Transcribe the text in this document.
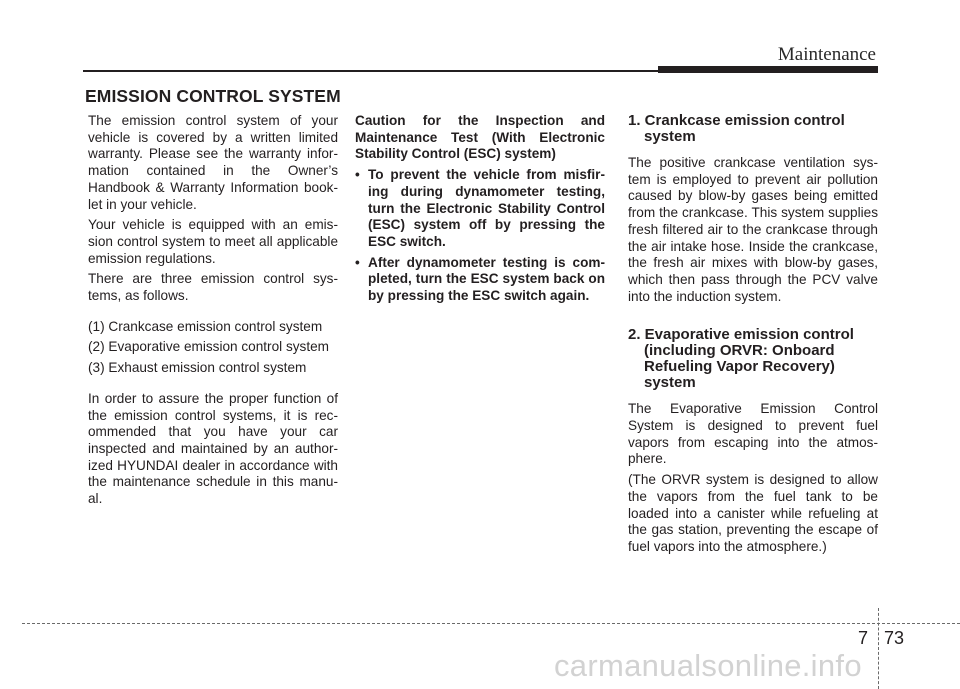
Maintenance
EMISSION CONTROL SYSTEM

The emission control system of your vehicle is covered by a written limited warranty. Please see the warranty infor-mation contained in the Owner’s Handbook & Warranty Information book-let in your vehicle.

Your vehicle is equipped with an emis-sion control system to meet all applicable emission regulations.

There are three emission control sys-tems, as follows.

(1) Crankcase emission control system

(2) Evaporative emission control system

(3) Exhaust emission control system

In order to assure the proper function of the emission control systems, it is rec-ommended that you have your car inspected and maintained by an author-ized HYUNDAI dealer in accordance with the maintenance schedule in this manu-al.

Caution for the Inspection and Maintenance Test (With Electronic Stability Control (ESC) system)

• To prevent the vehicle from misfir-ing during dynamometer testing, turn the Electronic Stability Control (ESC) system off by pressing the ESC switch.
• After dynamometer testing is com-pleted, turn the ESC system back on by pressing the ESC switch again.
1. Crankcase emission control system

The positive crankcase ventilation sys-tem is employed to prevent air pollution caused by blow-by gases being emitted from the crankcase. This system supplies fresh filtered air to the crankcase through the air intake hose. Inside the crankcase, the fresh air mixes with blow-by gases, which then pass through the PCV valve into the induction system.

2. Evaporative emission control (including ORVR: Onboard Refueling Vapor Recovery) system

The Evaporative Emission Control System is designed to prevent fuel vapors from escaping into the atmos-phere.

(The ORVR system is designed to allow the vapors from the fuel tank to be loaded into a canister while refueling at the gas station, preventing the escape of fuel vapors into the atmosphere.)

7 73
carmanualsonline.info
